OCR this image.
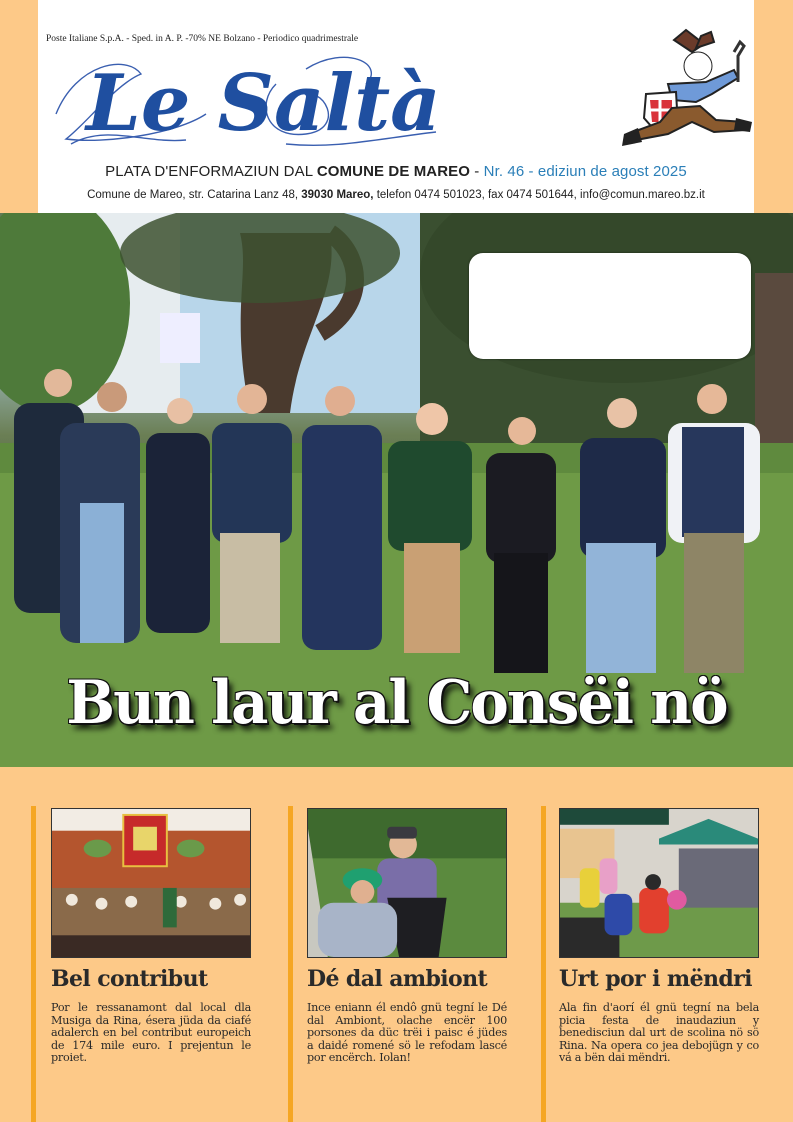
Poste Italiane S.p.A. - Sped. in A. P. -70% NE Bolzano - Periodico quadrimestrale
Le Saltà
PLATA D'ENFORMAZIUN DAL COMUNE DE MAREO - Nr. 46 - ediziun de agost 2025
Comune de Mareo, str. Catarina Lanz 48, 39030 Mareo, telefon 0474 501023, fax 0474 501644, info@comun.mareo.bz.it
Bun laur al Consëi nö
Bel contribut

Por le ressanamont dal local dla Musiga da Rina, ésera jüda da ciafé adalerch en bel contribut europeich de 174 mile euro. I prejentun le proiet.

Dé dal ambiont

Ince eniann él endô gnü tegní le Dé dal Ambiont, olache encër 100 porsones da düc trëi i paisc é jüdes a daidé romené sö le refodam lascé por encërch. Iolan!

Urt por i mëndri

Ala fin d'aorí él gnü tegní na bela picia festa de inaudaziun y benedisciun dal urt de scolina nö sö Rina. Na opera co jea debojügn y co vá a bën dai mëndri.
